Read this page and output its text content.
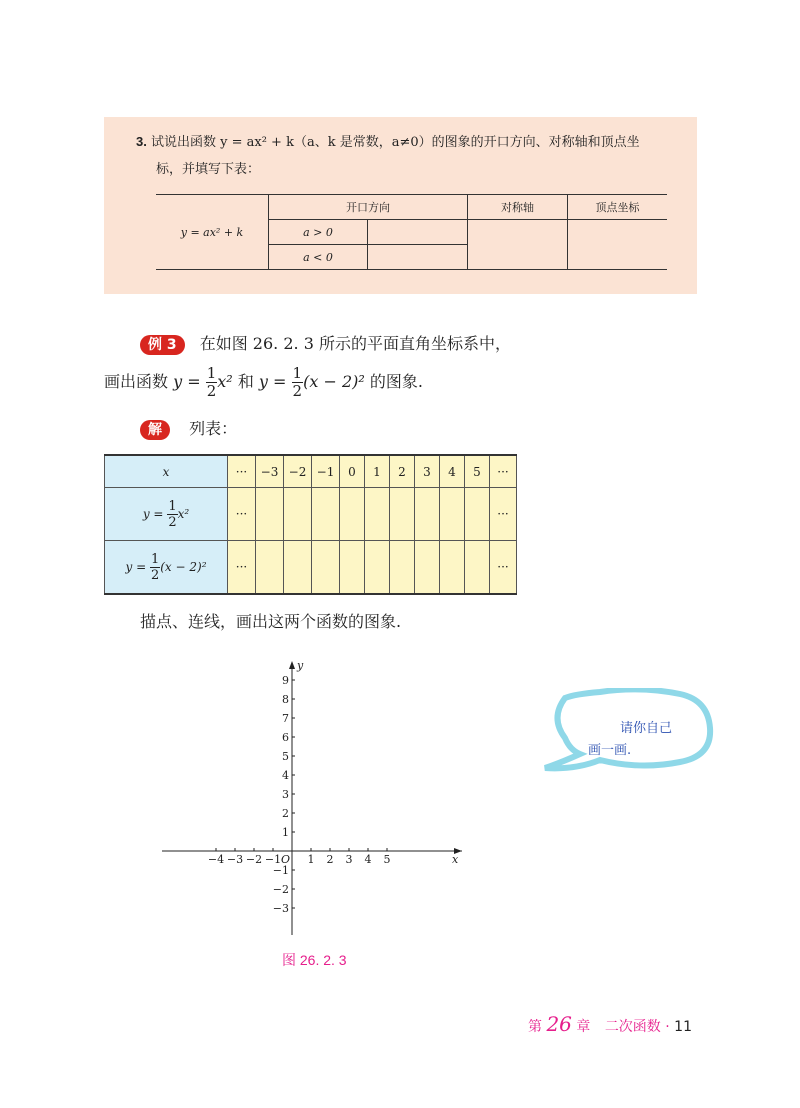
3. 试说出函数 y = ax² + k（a、k 是常数，a≠0）的图象的开口方向、对称轴和顶点坐
标，并填写下表：
y = ax² + k	开口方向		对称轴	顶点坐标
	a > 0			
	a < 0			
例 3 在如图 26. 2. 3 所示的平面直角坐标系中，
画出函数 $y = \frac{1}{2} x^2$ 和 $y = \frac{1}{2} (x - 2)^2$ 的图象.
解 列表：
x	···	−3	−2	−1	0	1	2	3	4	5	···
$y = \frac{1}{2} x^2$	···										···
$y = \frac{1}{2} (x - 2)^2$	···										···
描点、连线，画出这两个函数的图象.
x
y
O
−4 −3 −2 −1 1 2 3 4 5
9
8
7
6
5
4
3
2
1
−1
−2
−3
图 26. 2. 3
请你自己
画一画.
第 26 章 二次函数 · 11
